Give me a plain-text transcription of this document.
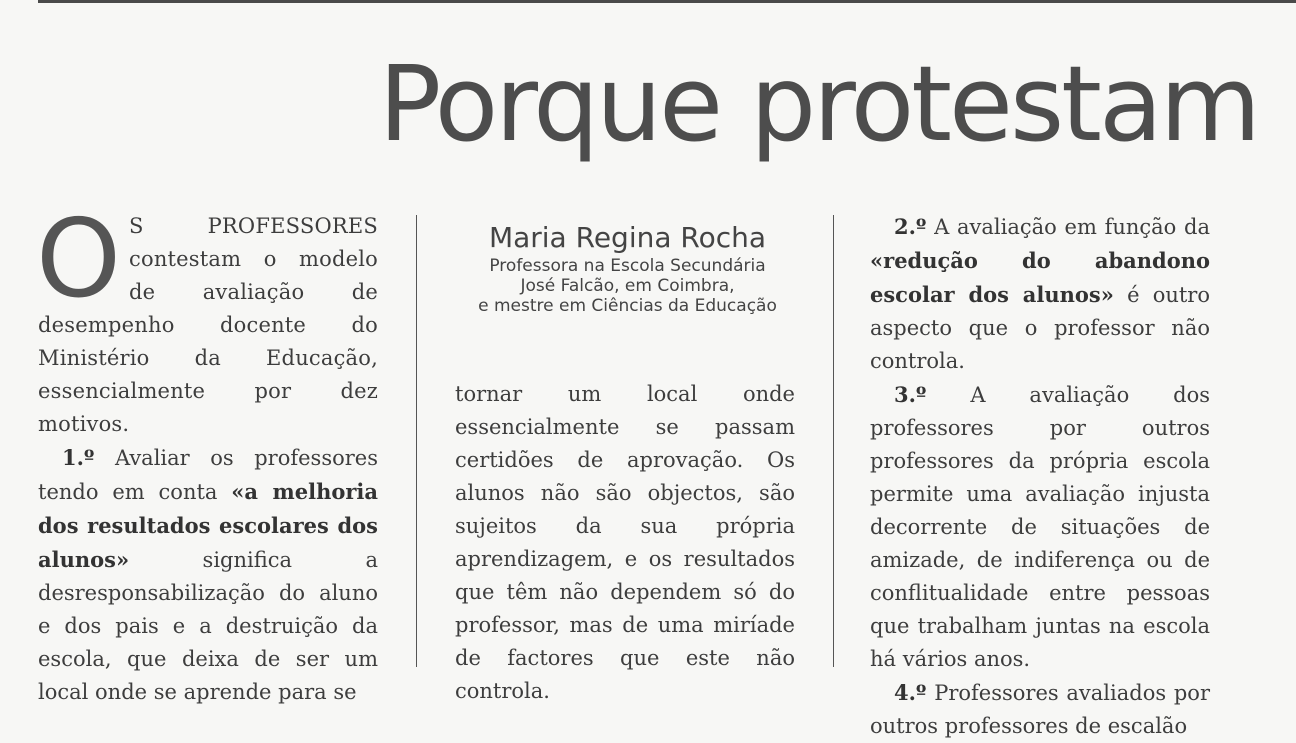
Porque protestam

O S PROFESSORES contestam o modelo de avaliação de desempenho docente do Ministério da Educação, essencialmente por dez motivos.

1.º Avaliar os professores tendo em conta «a melhoria dos resultados escolares dos alunos» significa a desresponsabilização do aluno e dos pais e a destruição da escola, que deixa de ser um local onde se aprende para se

Maria Regina Rocha
Professora na Escola Secundária
José Falcão, em Coimbra,
e mestre em Ciências da Educação

tornar um local onde essencialmente se passam certidões de aprovação. Os alunos não são objectos, são sujeitos da sua própria aprendizagem, e os resultados que têm não dependem só do professor, mas de uma miríade de factores que este não controla.

2.º A avaliação em função da «redução do abandono escolar dos alunos» é outro aspecto que o professor não controla.

3.º A avaliação dos professores por outros professores da própria escola permite uma avaliação injusta decorrente de situações de amizade, de indiferença ou de conflitualidade entre pessoas que trabalham juntas na escola há vários anos.

4.º Professores avaliados por outros professores de escalão
